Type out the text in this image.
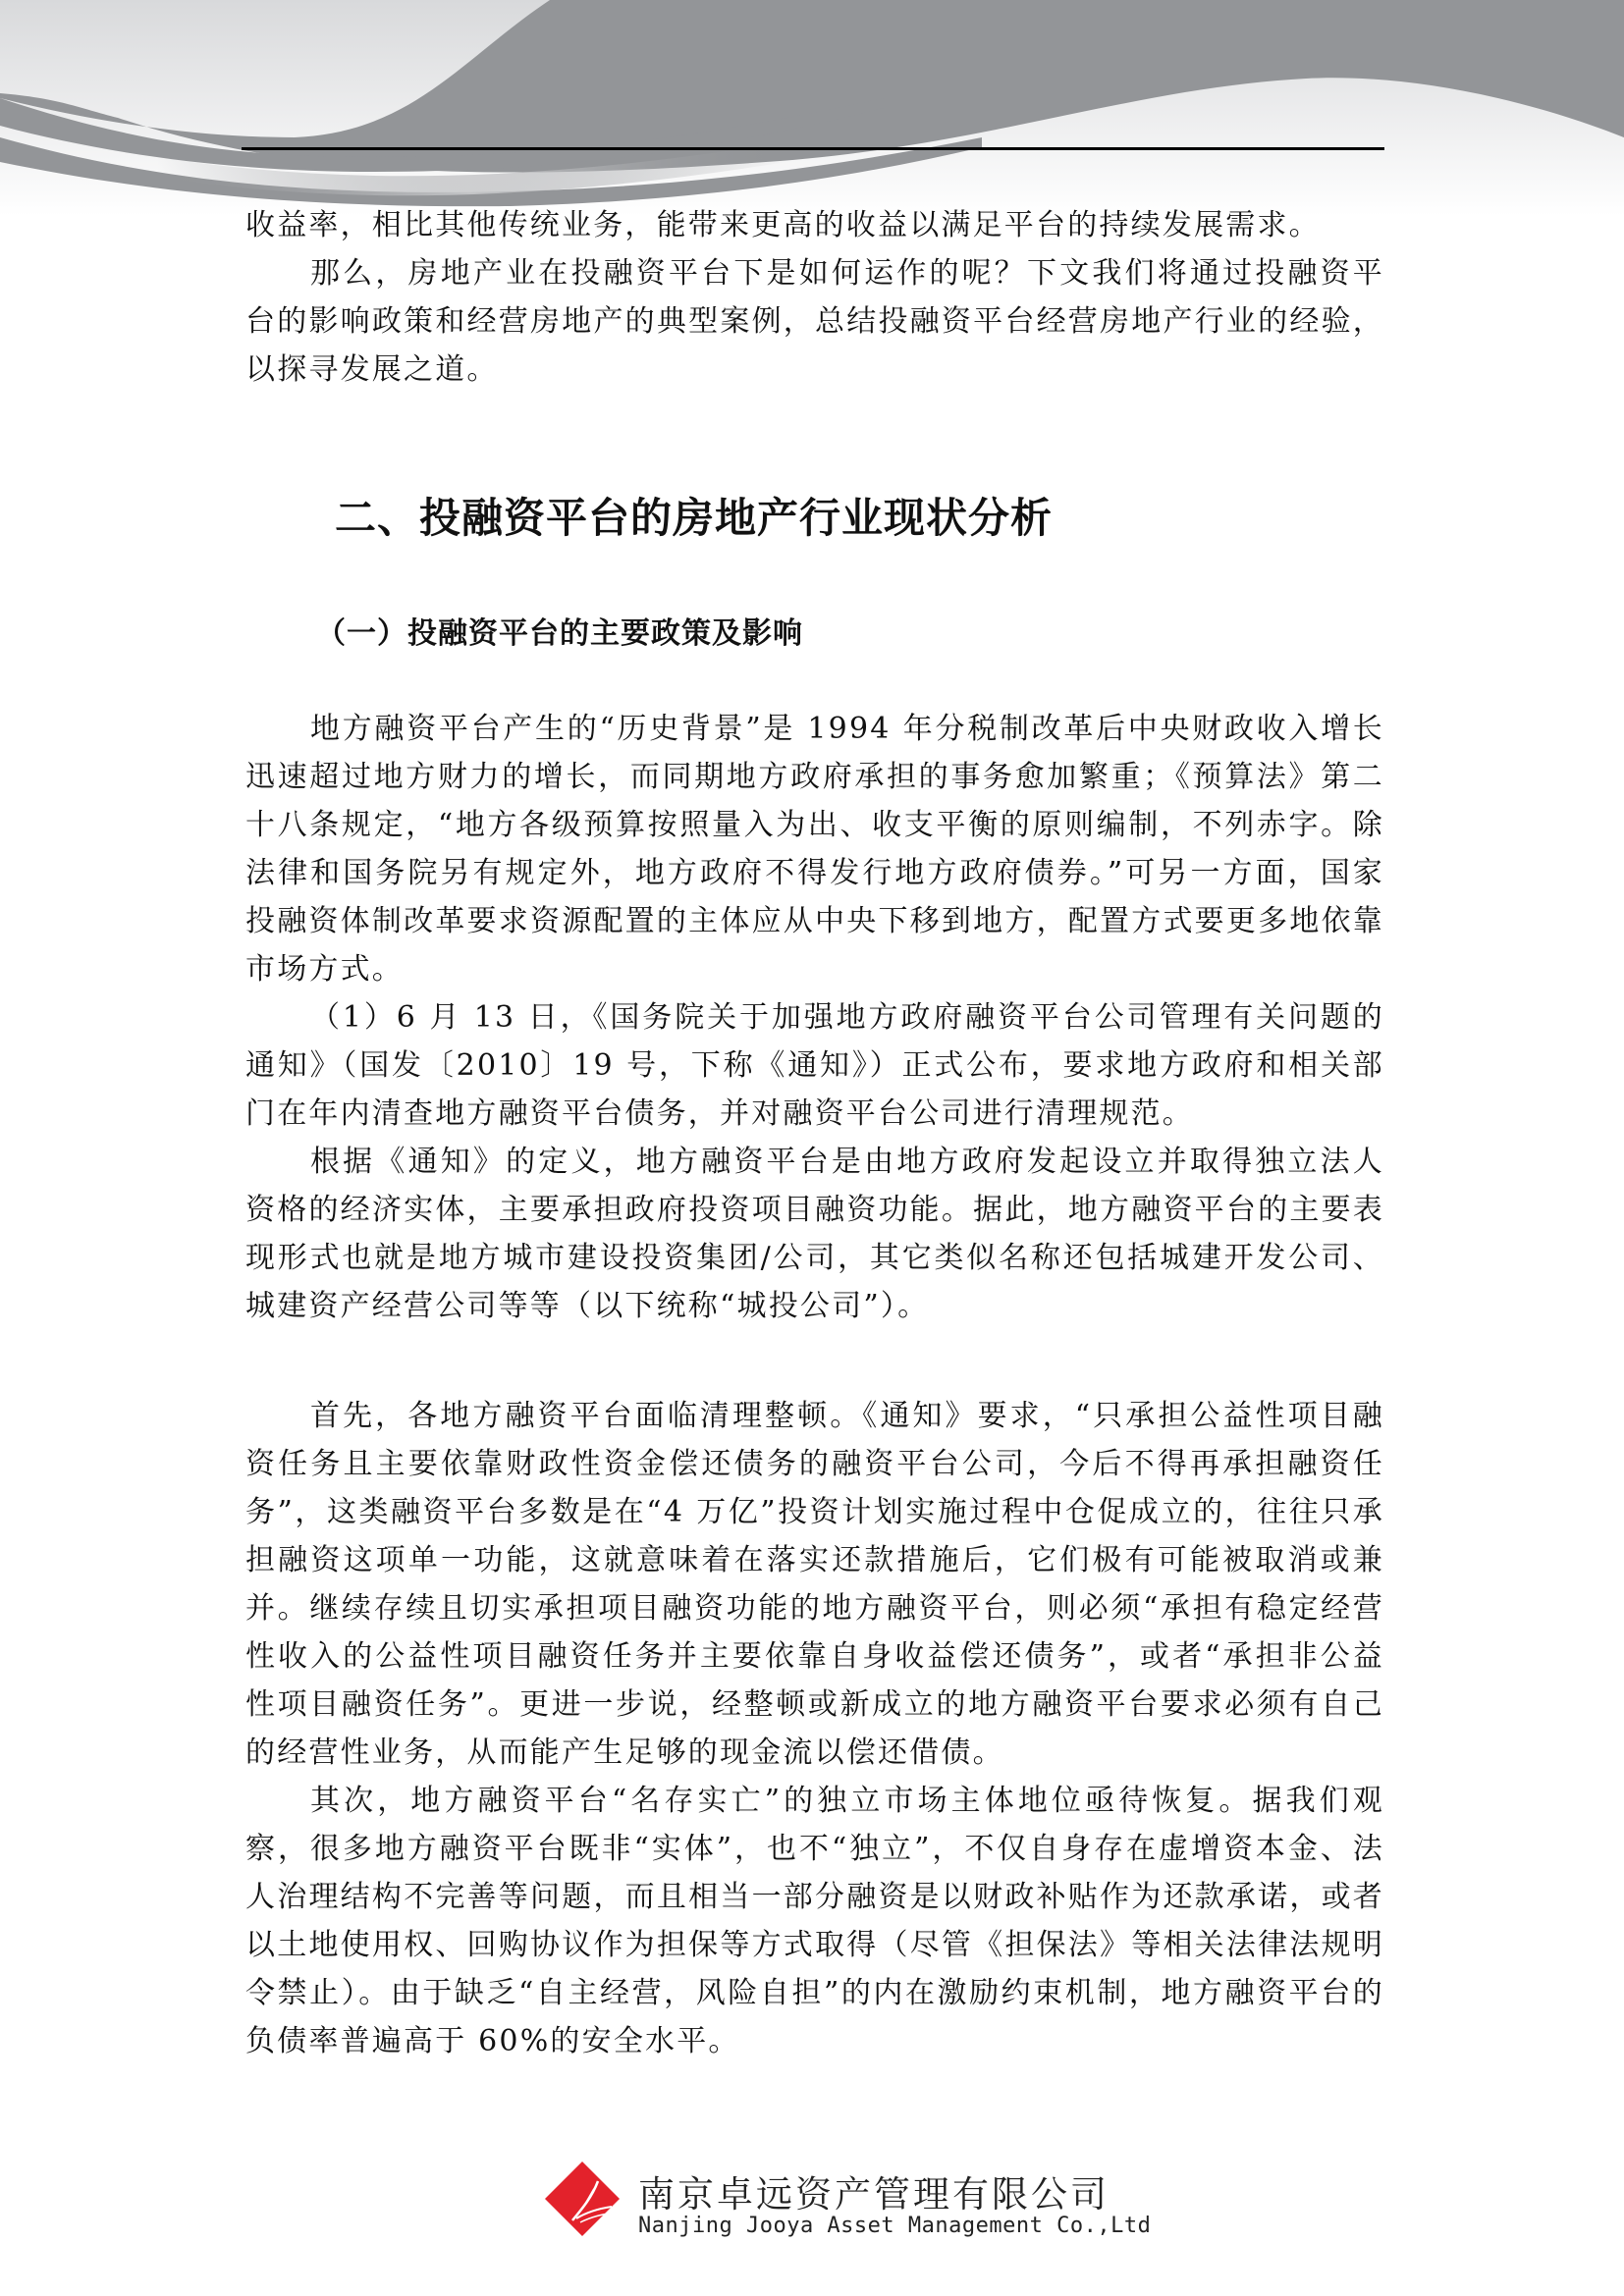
收益率，相比其他传统业务，能带来更高的收益以满足平台的持续发展需求。

那么，房地产业在投融资平台下是如何运作的呢？下文我们将通过投融资平台的影响政策和经营房地产的典型案例，总结投融资平台经营房地产行业的经验，以探寻发展之道。

二、投融资平台的房地产行业现状分析
（一）投融资平台的主要政策及影响

地方融资平台产生的“历史背景”是 1994 年分税制改革后中央财政收入增长迅速超过地方财力的增长，而同期地方政府承担的事务愈加繁重；《预算法》第二十八条规定，“地方各级预算按照量入为出、收支平衡的原则编制，不列赤字。除法律和国务院另有规定外，地方政府不得发行地方政府债券。”可另一方面，国家投融资体制改革要求资源配置的主体应从中央下移到地方，配置方式要更多地依靠市场方式。

（1）6 月 13 日，《国务院关于加强地方政府融资平台公司管理有关问题的通知》（国发〔2010〕19 号，下称《通知》）正式公布，要求地方政府和相关部门在年内清查地方融资平台债务，并对融资平台公司进行清理规范。

根据《通知》的定义，地方融资平台是由地方政府发起设立并取得独立法人资格的经济实体，主要承担政府投资项目融资功能。据此，地方融资平台的主要表现形式也就是地方城市建设投资集团/公司，其它类似名称还包括城建开发公司、城建资产经营公司等等（以下统称“城投公司”）。

首先，各地方融资平台面临清理整顿。《通知》要求，“只承担公益性项目融资任务且主要依靠财政性资金偿还债务的融资平台公司，今后不得再承担融资任务”，这类融资平台多数是在“4 万亿”投资计划实施过程中仓促成立的，往往只承担融资这项单一功能，这就意味着在落实还款措施后，它们极有可能被取消或兼并。继续存续且切实承担项目融资功能的地方融资平台，则必须“承担有稳定经营性收入的公益性项目融资任务并主要依靠自身收益偿还债务”，或者“承担非公益性项目融资任务”。更进一步说，经整顿或新成立的地方融资平台要求必须有自己的经营性业务，从而能产生足够的现金流以偿还借债。

其次，地方融资平台“名存实亡”的独立市场主体地位亟待恢复。据我们观察，很多地方融资平台既非“实体”，也不“独立”，不仅自身存在虚增资本金、法人治理结构不完善等问题，而且相当一部分融资是以财政补贴作为还款承诺，或者以土地使用权、回购协议作为担保等方式取得（尽管《担保法》等相关法律法规明令禁止）。由于缺乏“自主经营，风险自担”的内在激励约束机制，地方融资平台的负债率普遍高于 60%的安全水平。

南京卓远资产管理有限公司
Nanjing Jooya Asset Management Co.,Ltd
